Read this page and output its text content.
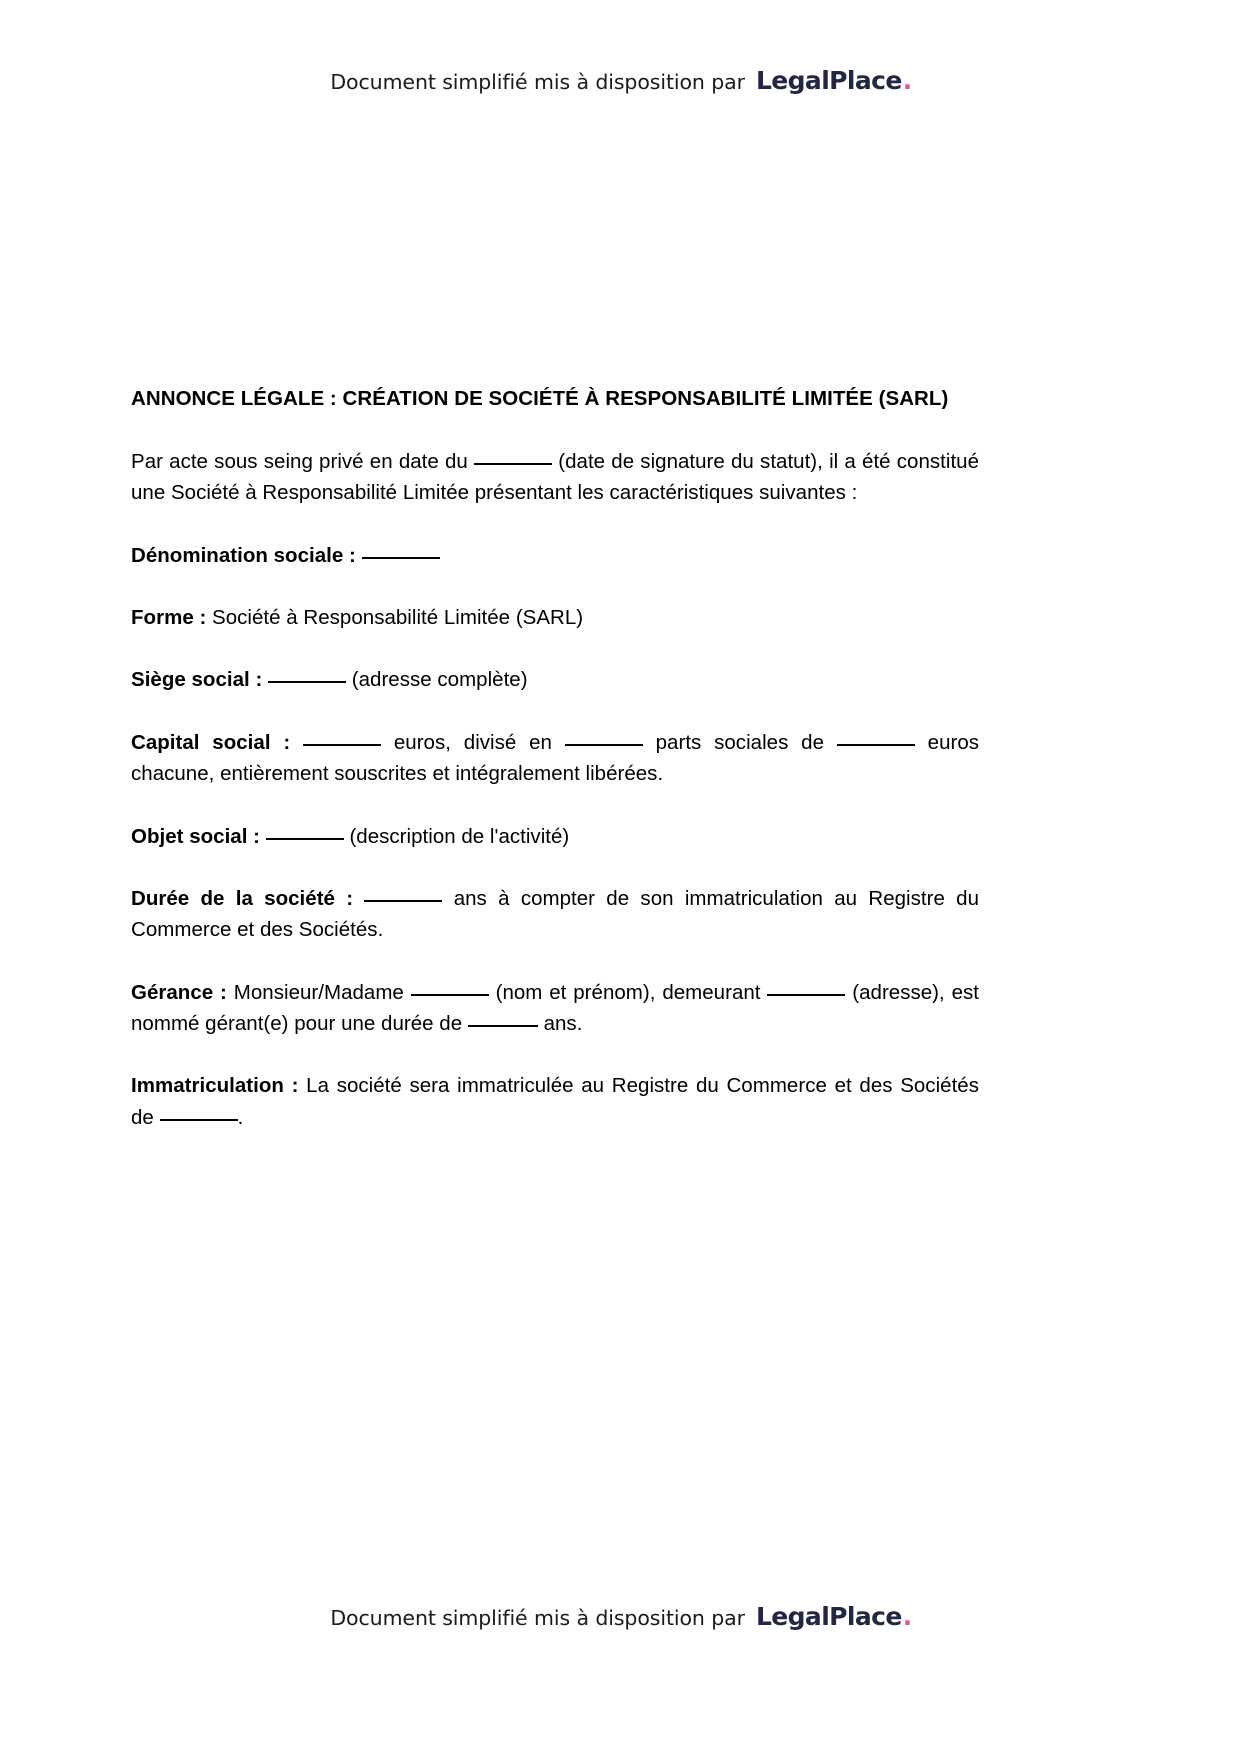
Document simplifié mis à disposition par LegalPlace .
ANNONCE LÉGALE : CRÉATION DE SOCIÉTÉ À RESPONSABILITÉ LIMITÉE (SARL)

Par acte sous seing privé en date du	(date de signature du statut), il a été constitué une Société à Responsabilité Limitée présentant les caractéristiques suivantes :

Dénomination sociale :

Forme : Société à Responsabilité Limitée (SARL)

Siège social :	(adresse complète)

Capital social :	euros, divisé en	parts sociales de	euros chacune, entièrement souscrites et intégralement libérées.

Objet social :	(description de l'activité)

Durée de la société :	ans à compter de son immatriculation au Registre du Commerce et des Sociétés.

Gérance : Monsieur/Madame	(nom et prénom), demeurant	(adresse), est nommé gérant(e) pour une durée de	ans.

Immatriculation : La société sera immatriculée au Registre du Commerce et des Sociétés de	.

Document simplifié mis à disposition par LegalPlace .
